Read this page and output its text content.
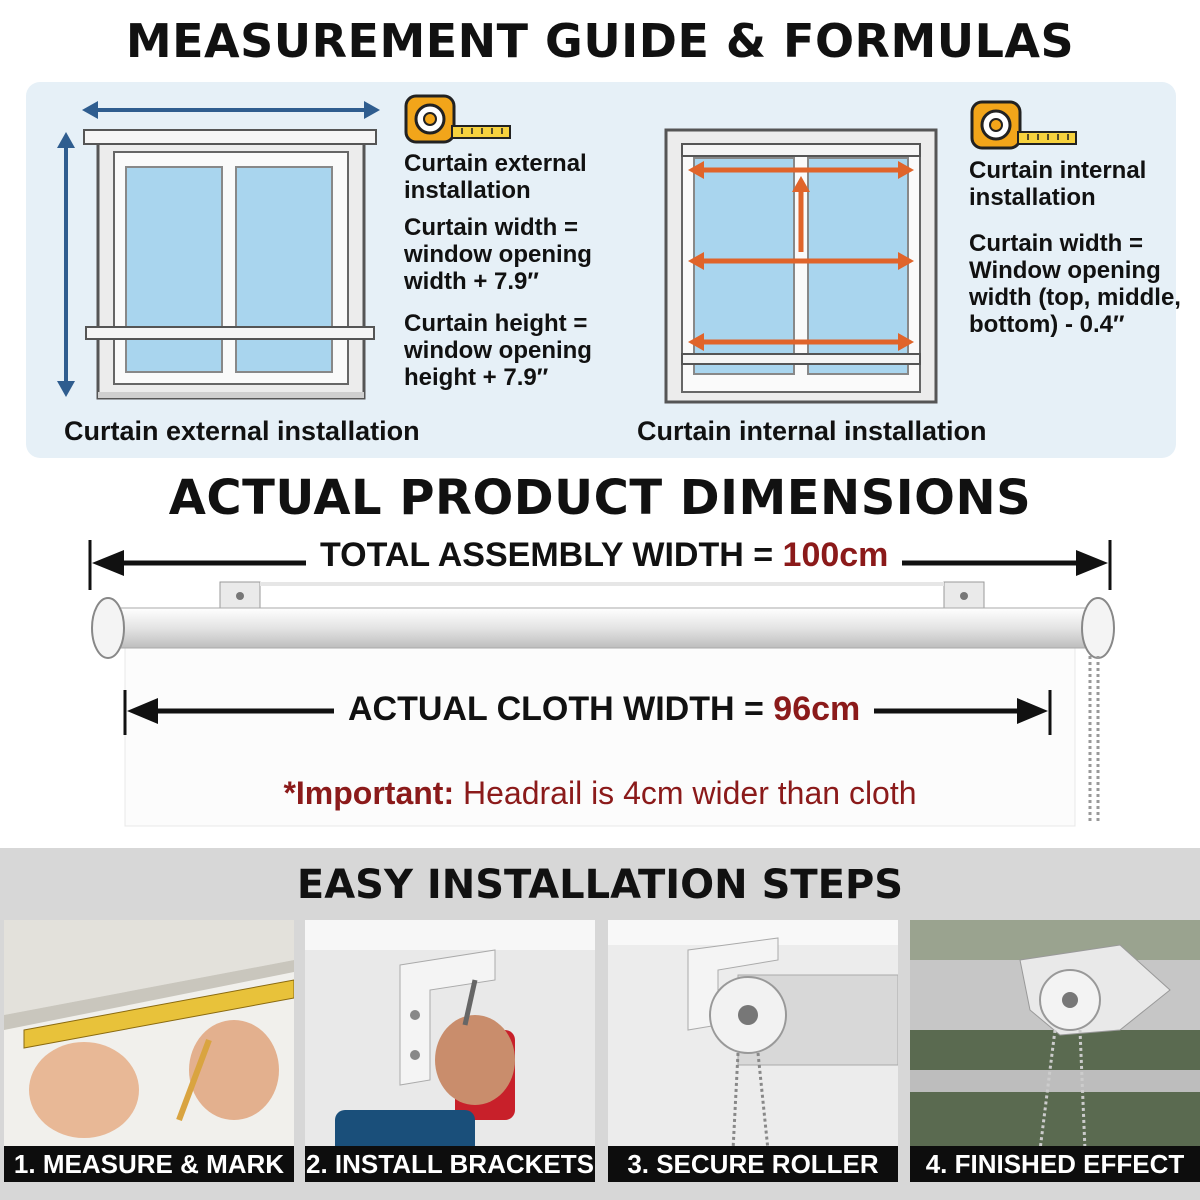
MEASUREMENT GUIDE & FORMULAS
Curtain external
installation
Curtain width =
window opening
width + 7.9″
Curtain height =
window opening
height + 7.9″
Curtain external installation
Curtain internal
installation
Curtain width =
Window opening
width (top, middle,
bottom) - 0.4″
Curtain internal installation
ACTUAL PRODUCT DIMENSIONS
TOTAL ASSEMBLY WIDTH = 100cm
ACTUAL CLOTH WIDTH = 96cm
*Important: Headrail is 4cm wider than cloth
EASY INSTALLATION STEPS
1. MEASURE & MARK 2. INSTALL BRACKETS	3. SECURE ROLLER	4. FINISHED EFFECT
